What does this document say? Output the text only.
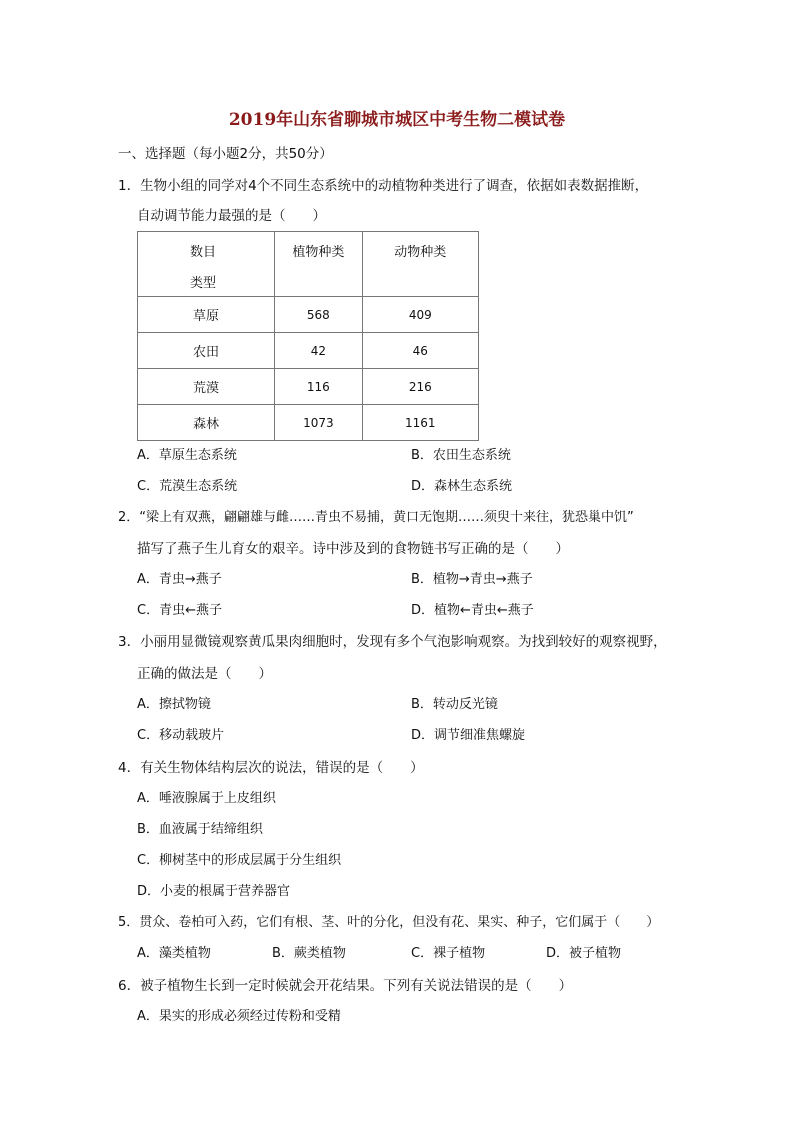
2019年山东省聊城市城区中考生物二模试卷
一、选择题（每小题2分，共50分）
1．生物小组的同学对4个不同生态系统中的动植物种类进行了调查，依据如表数据推断，
自动调节能力最强的是（　　）
数目
类型	植物种类	动物种类

草原	568	409
农田	42	46
荒漠	116	216
森林	1073	1161
A．草原生态系统	B．农田生态系统
C．荒漠生态系统	D．森林生态系统
2．“梁上有双燕，翩翩雄与雌……青虫不易捕，黄口无饱期……须臾十来往，犹恐巢中饥”
描写了燕子生儿育女的艰辛。诗中涉及到的食物链书写正确的是（　　）
A．青虫→燕子	B．植物→青虫→燕子
C．青虫←燕子	D．植物←青虫←燕子
3．小丽用显微镜观察黄瓜果肉细胞时，发现有多个气泡影响观察。为找到较好的观察视野，
正确的做法是（　　）
A．擦拭物镜	B．转动反光镜
C．移动载玻片	D．调节细准焦螺旋
4．有关生物体结构层次的说法，错误的是（　　）
A．唾液腺属于上皮组织
B．血液属于结缔组织
C．柳树茎中的形成层属于分生组织
D．小麦的根属于营养器官
5．贯众、卷柏可入药，它们有根、茎、叶的分化，但没有花、果实、种子，它们属于（　　）
A．藻类植物	B．蕨类植物	C．裸子植物	D．被子植物
6．被子植物生长到一定时候就会开花结果。下列有关说法错误的是（　　）
A．果实的形成必须经过传粉和受精
